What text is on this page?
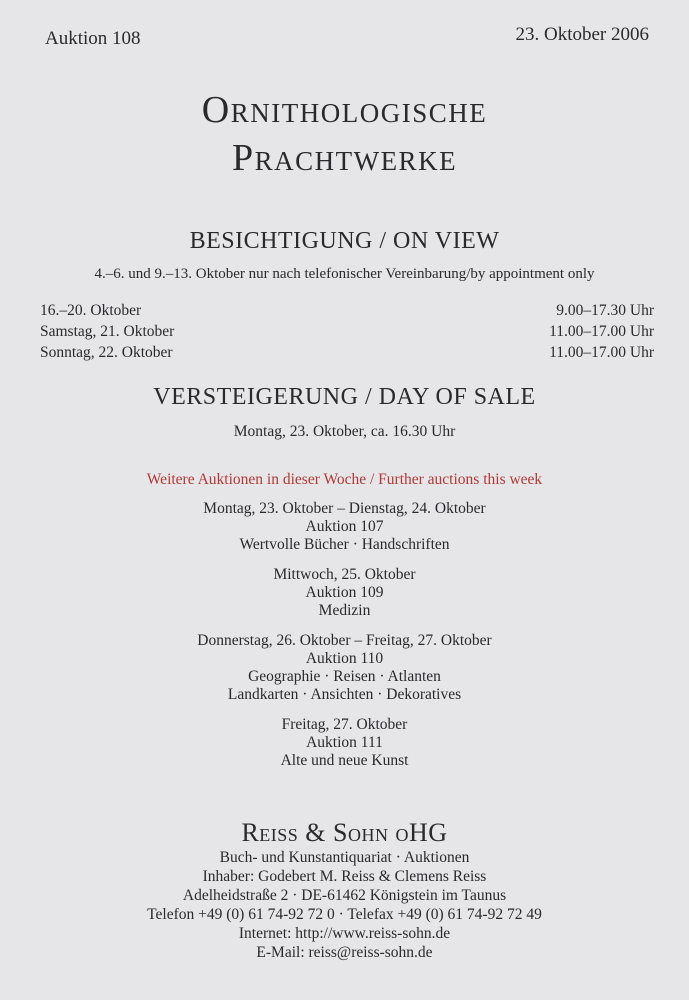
Auktion 108	23. Oktober 2006
Ornithologische
Prachtwerke
BESICHTIGUNG / ON VIEW
4.–6. und 9.–13. Oktober nur nach telefonischer Vereinbarung/by appointment only
16.–20. Oktober	9.00–17.30 Uhr
Samstag, 21. Oktober	11.00–17.00 Uhr
Sonntag, 22. Oktober	11.00–17.00 Uhr
VERSTEIGERUNG / DAY OF SALE
Montag, 23. Oktober, ca. 16.30 Uhr
Weitere Auktionen in dieser Woche / Further auctions this week
Montag, 23. Oktober – Dienstag, 24. Oktober
Auktion 107
Wertvolle Bücher · Handschriften
Mittwoch, 25. Oktober
Auktion 109
Medizin
Donnerstag, 26. Oktober – Freitag, 27. Oktober
Auktion 110
Geographie · Reisen · Atlanten
Landkarten · Ansichten · Dekoratives
Freitag, 27. Oktober
Auktion 111
Alte und neue Kunst
Reiss & Sohn oHG
Buch- und Kunstantiquariat · Auktionen
Inhaber: Godebert M. Reiss & Clemens Reiss
Adelheidstraße 2 · DE-61462 Königstein im Taunus
Telefon +49 (0) 61 74-92 72 0 · Telefax +49 (0) 61 74-92 72 49
Internet: http://www.reiss-sohn.de
E-Mail: reiss@reiss-sohn.de
